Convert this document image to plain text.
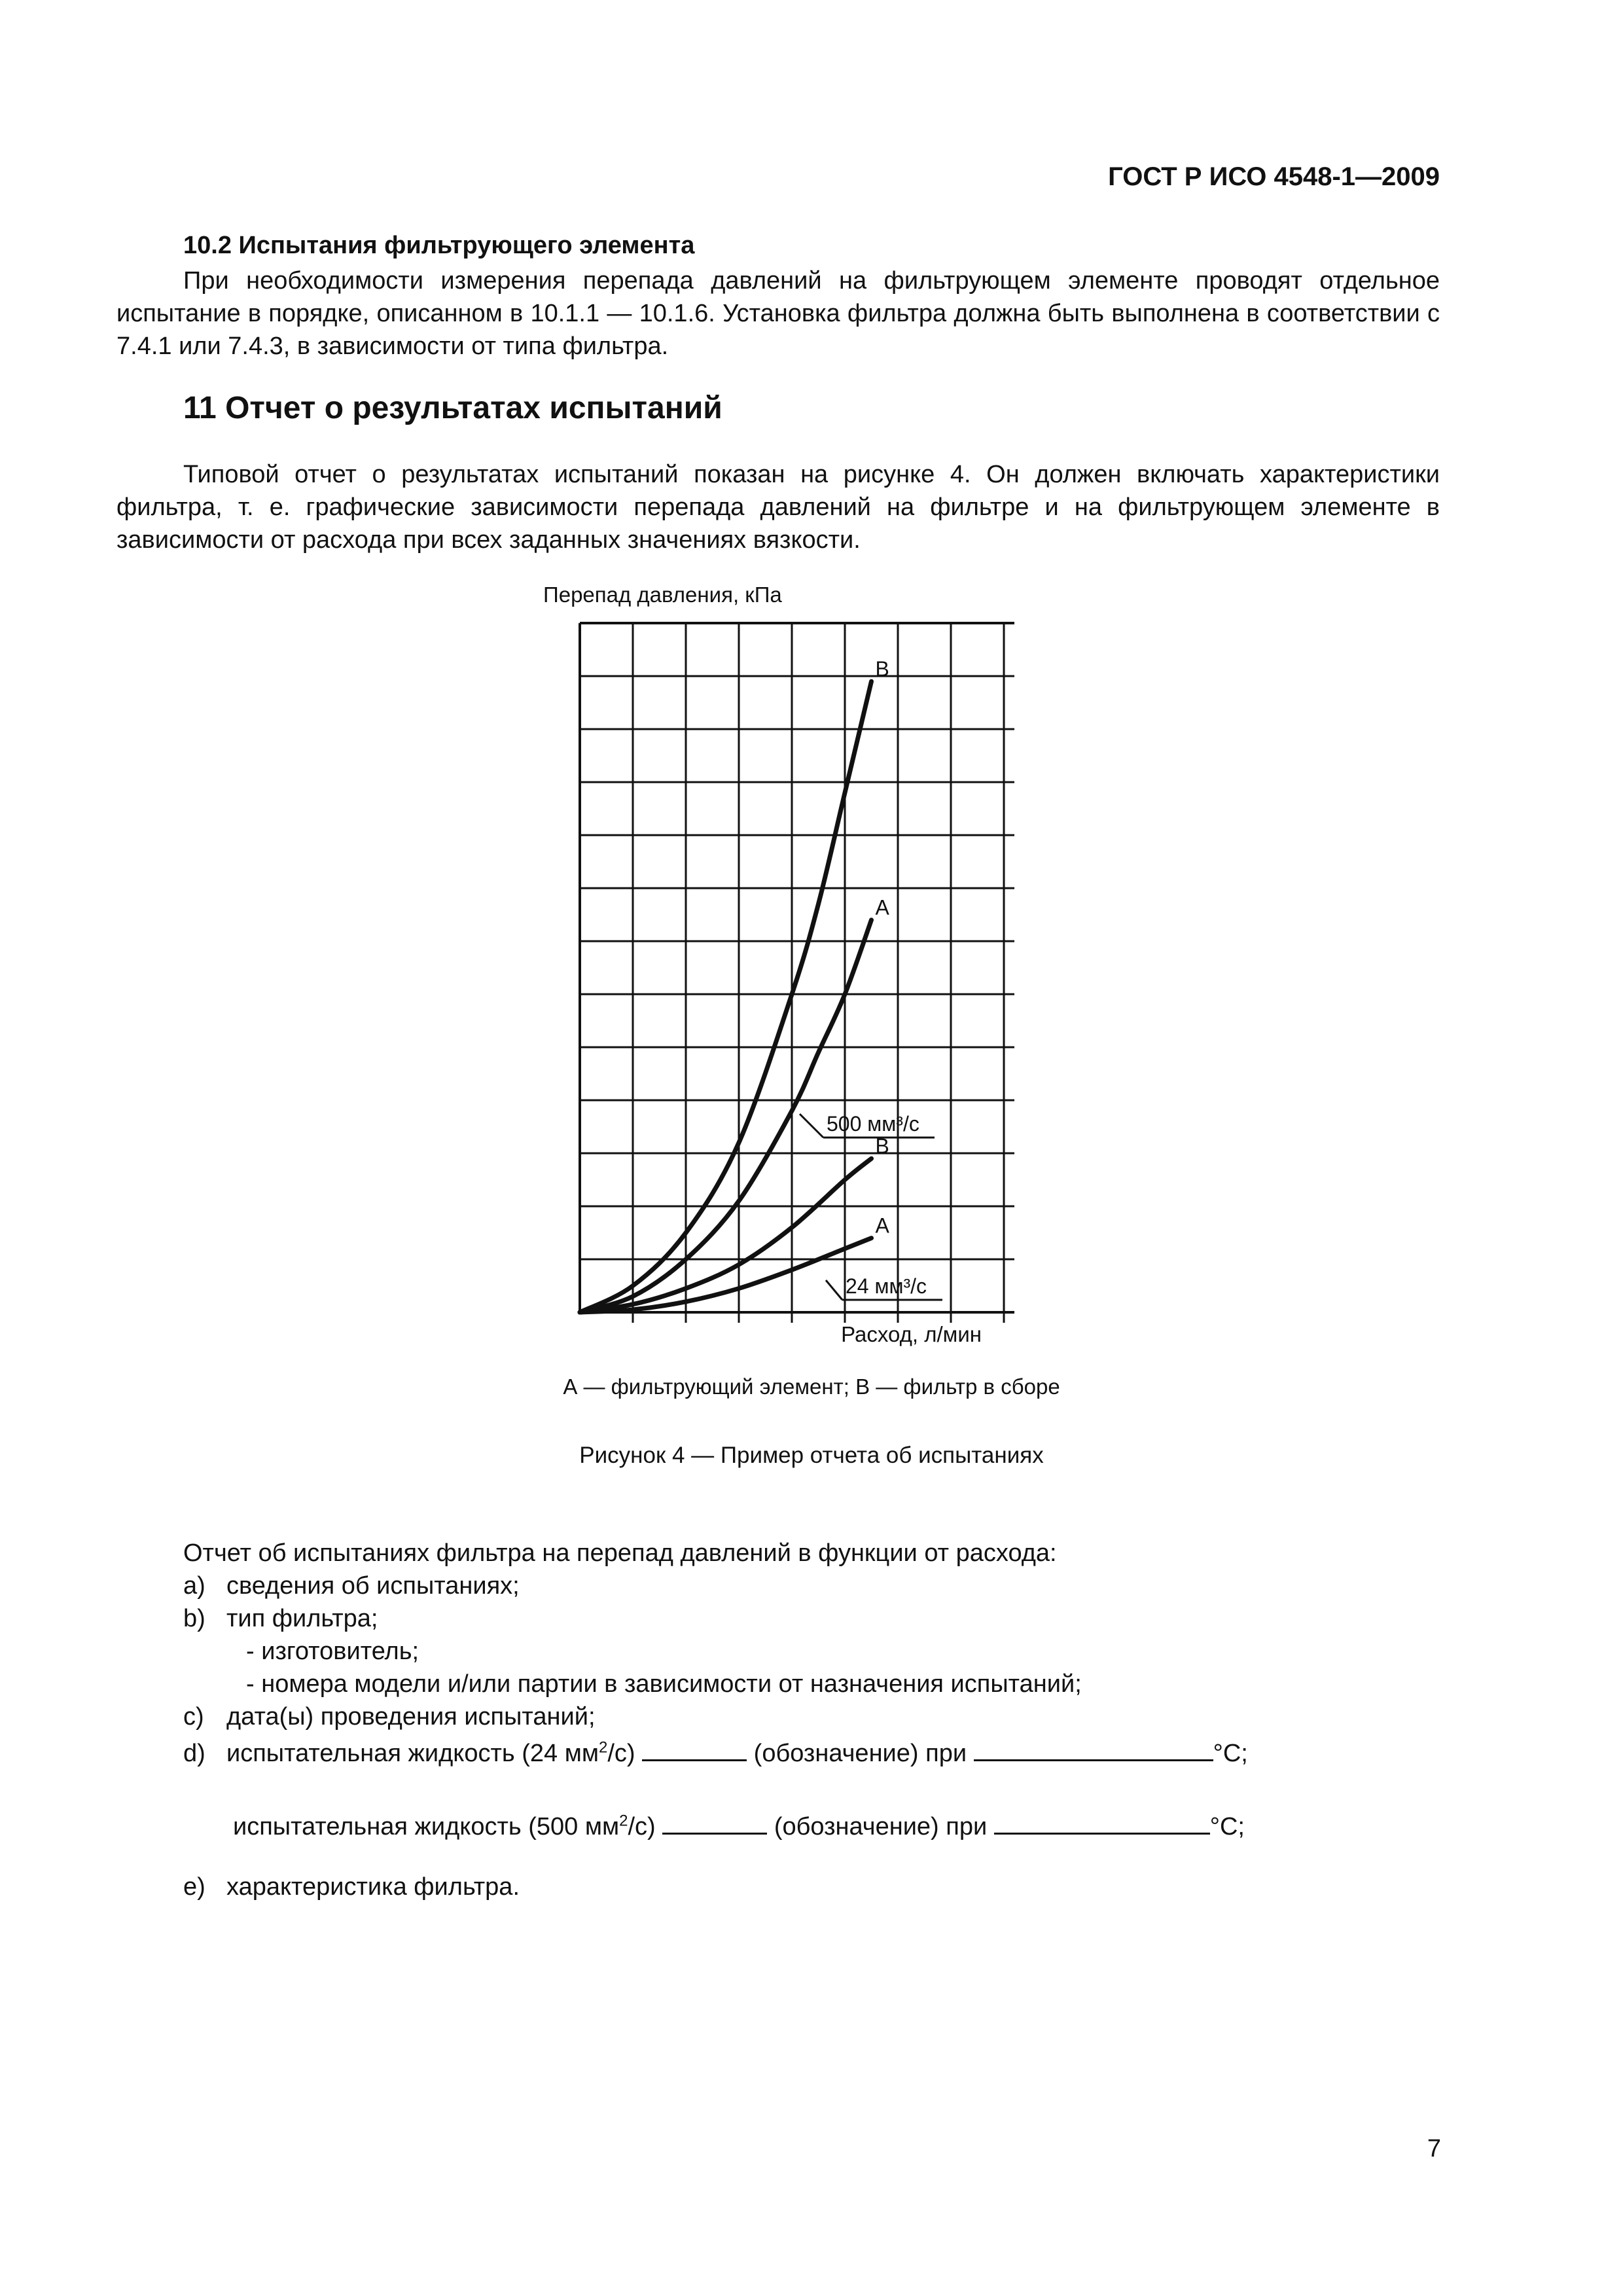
ГОСТ Р ИСО 4548-1—2009

10.2 Испытания фильтрующего элемента

При необходимости измерения перепада давлений на фильтрующем элементе проводят отдельное испытание в порядке, описанном в 10.1.1 — 10.1.6. Установка фильтра должна быть выполнена в соответствии с 7.4.1 или 7.4.3, в зависимости от типа фильтра.

11 Отчет о результатах испытаний

Типовой отчет о результатах испытаний показан на рисунке 4. Он должен включать характеристики фильтра, т. е. графические зависимости перепада давлений на фильтре и на фильтрующем элементе в зависимости от расхода при всех заданных значениях вязкости.

B
A
B
A
Перепад давления, кПа
Расход, л/мин
500 мм³/с
24 мм³/с
А — фильтрующий элемент; В — фильтр в сборе
Рисунок 4 — Пример отчета об испытаниях
Отчет об испытаниях фильтра на перепад давлений в функции от расхода:
a) сведения об испытаниях;
b) тип фильтра;
- изготовитель;
- номера модели и/или партии в зависимости от назначения испытаний;
c) дата(ы) проведения испытаний;
d) испытательная жидкость (24 $мм^2/с$)	(обозначение) при	°C;
испытательная жидкость (500 $мм^2/с$)	(обозначение) при	°C;
e) характеристика фильтра.
7
